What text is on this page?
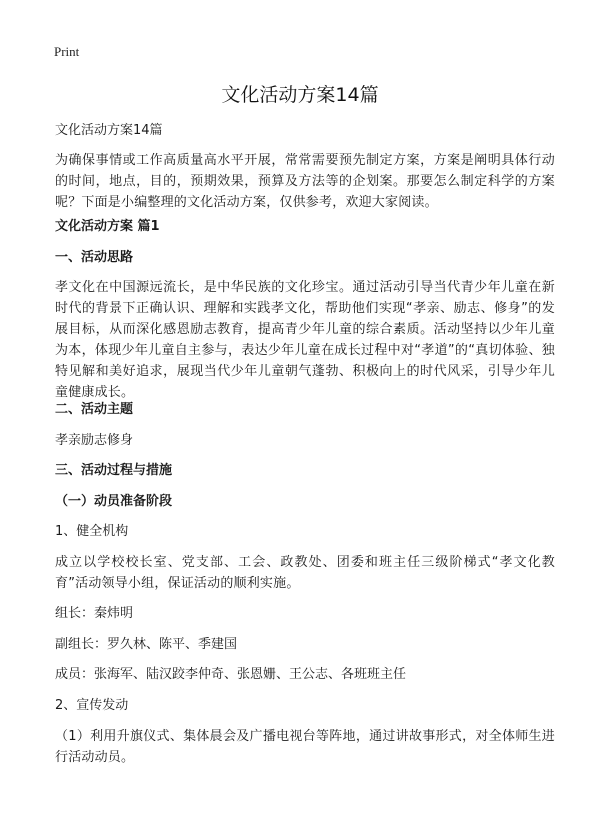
Print
文化活动方案14篇

文化活动方案14篇

为确保事情或工作高质量高水平开展，常常需要预先制定方案，方案是阐明具体行动的时间，地点，目的，预期效果，预算及方法等的企划案。那要怎么制定科学的方案呢？下面是小编整理的文化活动方案，仅供参考，欢迎大家阅读。

文化活动方案 篇1

一、活动思路

孝文化在中国源远流长，是中华民族的文化珍宝。通过活动引导当代青少年儿童在新时代的背景下正确认识、理解和实践孝文化，帮助他们实现“孝亲、励志、修身”的发展目标，从而深化感恩励志教育，提高青少年儿童的综合素质。活动坚持以少年儿童为本，体现少年儿童自主参与，表达少年儿童在成长过程中对“孝道”的“真切体验、独特见解和美好追求，展现当代少年儿童朝气蓬勃、积极向上的时代风采，引导少年儿童健康成长。

二、活动主题

孝亲励志修身

三、活动过程与措施

（一）动员准备阶段

1、健全机构

成立以学校校长室、党支部、工会、政教处、团委和班主任三级阶梯式“孝文化教育”活动领导小组，保证活动的顺利实施。

组长：秦炜明

副组长：罗久林、陈平、季建国

成员：张海军、陆汉跤李仲奇、张恩姗、王公志、各班班主任

2、宣传发动

（1）利用升旗仪式、集体晨会及广播电视台等阵地，通过讲故事形式，对全体师生进行活动动员。
